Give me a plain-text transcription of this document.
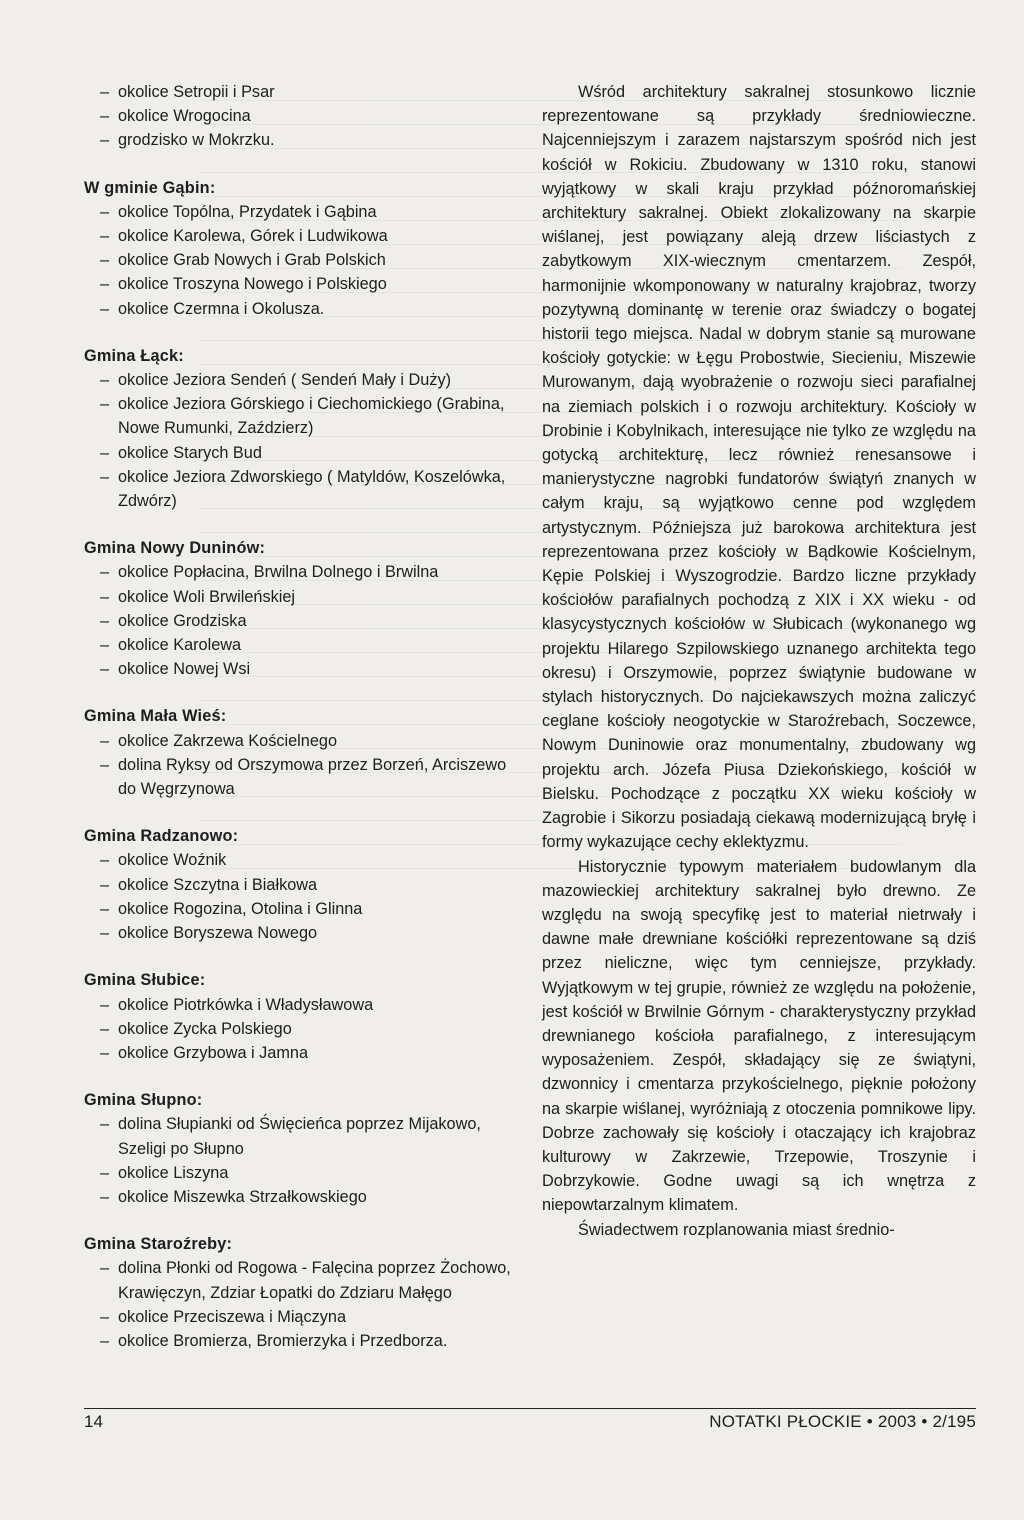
– okolice Setropii i Psar
– okolice Wrogocina
– grodzisko w Mokrzku.
W gminie Gąbin:
– okolice Topólna, Przydatek i Gąbina
– okolice Karolewa, Górek i Ludwikowa
– okolice Grab Nowych i Grab Polskich
– okolice Troszyna Nowego i Polskiego
– okolice Czermna i Okolusza.
Gmina Łąck:
– okolice Jeziora Sendeń ( Sendeń Mały i Duży)
– okolice Jeziora Górskiego i Ciechomickiego (Grabina, Nowe Rumunki, Zaździerz)
– okolice Starych Bud
– okolice Jeziora Zdworskiego ( Matyldów, Koszelówka, Zdwórz)
Gmina Nowy Duninów:
– okolice Popłacina, Brwilna Dolnego i Brwilna
– okolice Woli Brwileńskiej
– okolice Grodziska
– okolice Karolewa
– okolice Nowej Wsi
Gmina Mała Wieś:
– okolice Zakrzewa Kościelnego
– dolina Ryksy od Orszymowa przez Borzeń, Arciszewo do Węgrzynowa
Gmina Radzanowo:
– okolice Woźnik
– okolice Szczytna i Białkowa
– okolice Rogozina, Otolina i Glinna
– okolice Boryszewa Nowego
Gmina Słubice:
– okolice Piotrkówka i Władysławowa
– okolice Zycka Polskiego
– okolice Grzybowa i Jamna
Gmina Słupno:
– dolina Słupianki od Święcieńca poprzez Mijakowo, Szeligi po Słupno
– okolice Liszyna
– okolice Miszewka Strzałkowskiego
Gmina Staroźreby:
– dolina Płonki od Rogowa - Falęcina poprzez Żochowo, Krawięczyn, Zdziar Łopatki do Zdziaru Małęgo
– okolice Przeciszewa i Miączyna
– okolice Bromierza, Bromierzyka i Przedborza.

Wśród architektury sakralnej stosunkowo licznie reprezentowane są przykłady średniowieczne. Najcenniejszym i zarazem najstarszym spośród nich jest kościół w Rokiciu. Zbudowany w 1310 roku, stanowi wyjątkowy w skali kraju przykład późnoromańskiej architektury sakralnej. Obiekt zlokalizowany na skarpie wiślanej, jest powiązany aleją drzew liściastych z zabytkowym XIX-wiecznym cmentarzem. Zespół, harmonijnie wkomponowany w naturalny krajobraz, tworzy pozytywną dominantę w terenie oraz świadczy o bogatej historii tego miejsca. Nadal w dobrym stanie są murowane kościoły gotyckie: w Łęgu Probostwie, Siecieniu, Miszewie Murowanym, dają wyobrażenie o rozwoju sieci parafialnej na ziemiach polskich i o rozwoju architektury. Kościoły w Drobinie i Kobylnikach, interesujące nie tylko ze względu na gotycką architekturę, lecz również renesansowe i manierystyczne nagrobki fundatorów świątyń znanych w całym kraju, są wyjątkowo cenne pod względem artystycznym. Późniejsza już barokowa architektura jest reprezentowana przez kościoły w Bądkowie Kościelnym, Kępie Polskiej i Wyszogrodzie. Bardzo liczne przykłady kościołów parafialnych pochodzą z XIX i XX wieku - od klasycystycznych kościołów w Słubicach (wykonanego wg projektu Hilarego Szpilowskiego uznanego architekta tego okresu) i Orszymowie, poprzez świątynie budowane w stylach historycznych. Do najciekawszych można zaliczyć ceglane kościoły neogotyckie w Staroźrebach, Soczewce, Nowym Duninowie oraz monumentalny, zbudowany wg projektu arch. Józefa Piusa Dziekońskiego, kościół w Bielsku. Pochodzące z początku XX wieku kościoły w Zagrobie i Sikorzu posiadają ciekawą modernizującą bryłę i formy wykazujące cechy eklektyzmu.

Historycznie typowym materiałem budowlanym dla mazowieckiej architektury sakralnej było drewno. Ze względu na swoją specyfikę jest to materiał nietrwały i dawne małe drewniane kościółki reprezentowane są dziś przez nieliczne, więc tym cenniejsze, przykłady. Wyjątkowym w tej grupie, również ze względu na położenie, jest kościół w Brwilnie Górnym - charakterystyczny przykład drewnianego kościoła parafialnego, z interesującym wyposażeniem. Zespół, składający się ze świątyni, dzwonnicy i cmentarza przykościelnego, pięknie położony na skarpie wiślanej, wyróżniają z otoczenia pomnikowe lipy. Dobrze zachowały się kościoły i otaczający ich krajobraz kulturowy w Zakrzewie, Trzepowie, Troszynie i Dobrzykowie. Godne uwagi są ich wnętrza z niepowtarzalnym klimatem.

Świadectwem rozplanowania miast średnio-

14	NOTATKI PŁOCKIE • 2003 • 2/195
